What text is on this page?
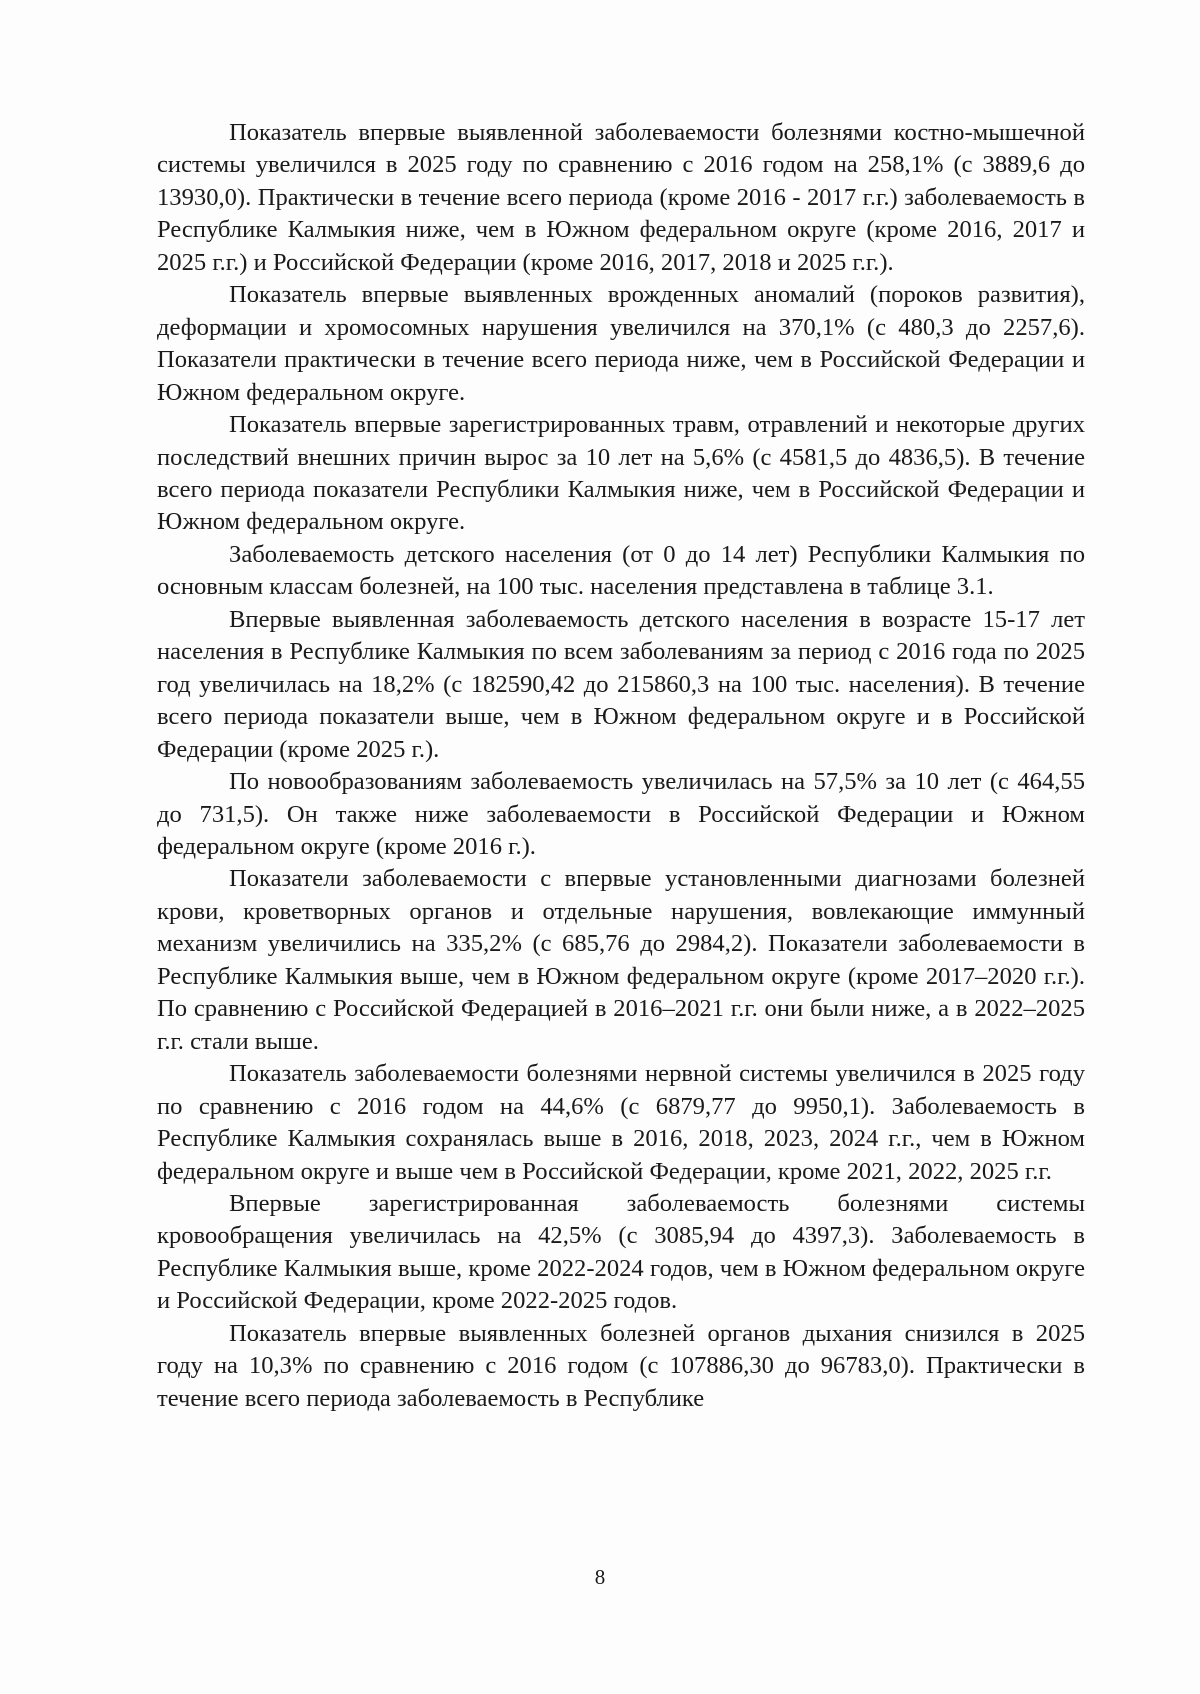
Показатель впервые выявленной заболеваемости болезнями костно-мышечной системы увеличился в 2025 году по сравнению с 2016 годом на 258,1% (с 3889,6 до 13930,0). Практически в течение всего периода (кроме 2016 - 2017 г.г.) заболеваемость в Республике Калмыкия ниже, чем в Южном федеральном округе (кроме 2016, 2017 и 2025 г.г.) и Российской Федерации (кроме 2016, 2017, 2018 и 2025 г.г.).

Показатель впервые выявленных врожденных аномалий (пороков развития), деформации и хромосомных нарушения увеличился на 370,1% (с 480,3 до 2257,6). Показатели практически в течение всего периода ниже, чем в Российской Федерации и Южном федеральном округе.

Показатель впервые зарегистрированных травм, отравлений и некоторые других последствий внешних причин вырос за 10 лет на 5,6% (с 4581,5 до 4836,5). В течение всего периода показатели Республики Калмыкия ниже, чем в Российской Федерации и Южном федеральном округе.

Заболеваемость детского населения (от 0 до 14 лет) Республики Калмыкия по основным классам болезней, на 100 тыс. населения представлена в таблице 3.1.

Впервые выявленная заболеваемость детского населения в возрасте 15-17 лет населения в Республике Калмыкия по всем заболеваниям за период с 2016 года по 2025 год увеличилась на 18,2% (с 182590,42 до 215860,3 на 100 тыс. населения). В течение всего периода показатели выше, чем в Южном федеральном округе и в Российской Федерации (кроме 2025 г.).

По новообразованиям заболеваемость увеличилась на 57,5% за 10 лет (с 464,55 до 731,5). Он также ниже заболеваемости в Российской Федерации и Южном федеральном округе (кроме 2016 г.).

Показатели заболеваемости с впервые установленными диагнозами болезней крови, кроветворных органов и отдельные нарушения, вовлекающие иммунный механизм увеличились на 335,2% (с 685,76 до 2984,2). Показатели заболеваемости в Республике Калмыкия выше, чем в Южном федеральном округе (кроме 2017–2020 г.г.). По сравнению с Российской Федерацией в 2016–2021 г.г. они были ниже, а в 2022–2025 г.г. стали выше.

Показатель заболеваемости болезнями нервной системы увеличился в 2025 году по сравнению с 2016 годом на 44,6% (с 6879,77 до 9950,1). Заболеваемость в Республике Калмыкия сохранялась выше в 2016, 2018, 2023, 2024 г.г., чем в Южном федеральном округе и выше чем в Российской Федерации, кроме 2021, 2022, 2025 г.г.

Впервые зарегистрированная заболеваемость болезнями системы кровообращения увеличилась на 42,5% (с 3085,94 до 4397,3). Заболеваемость в Республике Калмыкия выше, кроме 2022-2024 годов, чем в Южном федеральном округе и Российской Федерации, кроме 2022-2025 годов.

Показатель впервые выявленных болезней органов дыхания снизился в 2025 году на 10,3% по сравнению с 2016 годом (с 107886,30 до 96783,0). Практически в течение всего периода заболеваемость в Республике

8
